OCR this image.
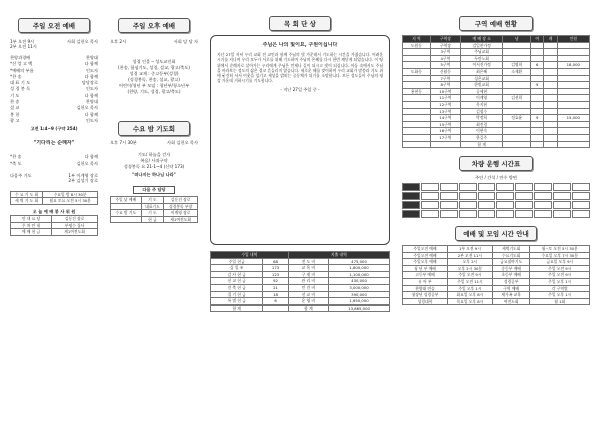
주일 오전 예배
1부 오전 9시
2부 오전 11시
사회 김헌오 목사
찬양과경배	찬양대
*신 앙 고 백	다 함께
*예배의 부름	인도자
*찬 송	다 함께
대 표 기 도	담당장로
성 경 봉 독	인도자
기 도	다 함께
찬 송	찬양대
설 교	김헌오 목사
봉 헌	다 함께
광 고	인도자
고전 1:4~9 (구약 254)
"기다리는 순례자"
*찬 송	다 함께
*축 도	김헌오 목사
다음주 기도	1부 이계영 장로
2부 김성기 장로
수 요 기 도 회	수요일 밤 8시 30분
새 벽 기 도 회	월요 토요 오전 5시 30분
오 늘 예 배 봉 사 위 원
안 내 요 당	김동건 장로
주 차 안 내	부평수 집사
예 배 헌 금	제1여전도회
주일 오후 예배
오후 2시	사회 담 당 자
성경 인물 ─ 성도교인회
(찬송, 합심기도, 성경, 설교, 광고/축도)
성경 교재 : 중고등부(성경)
(성경봉독, 찬송, 설교, 광고)
어린이/청년 부 모임 : 청년부/청소년부
(찬양, 기도, 성경, 광고/축도)
수요 밤 기도회
오후 7시 30분	사회 김헌오 목사
기도/ 하늘을 걷자
복음/ 사죄구약
성경봉독 요 21-1~4 (신약 173)
"떠나지는 하나님 나라"
다음 주 담당
주일 낮 예배	기 도	김동건 장로
	대표기도	성경봉독 부장
수요 밤 기도	기 도	이계영 장로
	헌 금	제1여전도회
목 회 단 상
주님은 나의 빛이요, 구원이십니다
지난 27일 저녁 우리 교회 전 교인과 함께 주님의 빛 가운데서 기도하는 시간을 가졌습니다. 어려운 시기를 지나며 우리 모두가 서로를 위해 기도하며 주님의 은혜를 다시 한번 깨닫게 되었습니다. 이 땅 위에서 순례자로 살아가는 우리에게 주님은 언제나 길이 되시고 빛이 되십니다. 어둠 속에서도 주님을 바라보는 성도의 삶은 결코 흔들리지 않습니다. 새로운 해를 맞이하며 우리 교회가 말씀과 기도 위에 굳건히 서서 이웃을 섬기고 세상을 밝히는 공동체가 되기를 소망합니다. 모든 성도들이 주님의 평강 가운데 거하시기를 기도합니다.
- 지난 27일 주일 중 -
수입 내역		지출 내역	
주일 헌금	68	전 도 비	475,000
십 일 조	173	교 육 비	1,800,000
감 사 헌 금	123	구 제 비	1,100,000
선 교 헌 금	92	관 리 비	430,000
건 축 헌 금	21	인 건 비	3,000,000
절 기 헌 금	18	선 교 비	390,000
특 별 헌 금	6	운 영 비	1,650,000

합 계		합 계	13,865,000
구역 예배 현황
지 역	구역장	예 배 장 소	남	여	계	인원
도원동	구역장	김일찬가정				
	3구역	주님교회				
	4구역	두란노회				
	5구역	이서진가정	김영희	6		18,000
도화동	신월동	최은혜	소재환			
	7구역	성은교회				
	8구역	한빛교회		9		
용현동	10구역	공세현				
	11구역	이계영	김선희			
	12구역	옥지현				
	13구역	김철수				
	14구역	박정희	정효윤	9		15,000
	15구역	최진경				
	16구역	이현숙				
	17구역	한길주				
		합 계				
차량 운행 시간표
주안 / 간석 / 만수 방면
예배 및 모임 시간 안내
주일오전 예배	1부 오전 9시	새벽기도회	월~토 오전 5시 30분
주일오전 예배	2부 오전 11시	수요기도회	수요일 오후 7시 30분
주일오후 예배	오후 2시	금요철야기도	금요일 오후 9시
청 년 부 예배	오후 2시 30분	중등부 예배	주일 오전 9시
고등부 예배	주일 오전 9시	초등부 예배	주일 오전 9시
유 아 부	주일 오전 11시	성경공부	주일 오후 1시
찬양대 연습	주일 오후 1시	구역 예배	각 구역별
청장년 성경공부	화요일 오후 8시	새가족 교육	주일 오후 1시
성경대학	목요일 오후 8시	여전도회	월 1회
